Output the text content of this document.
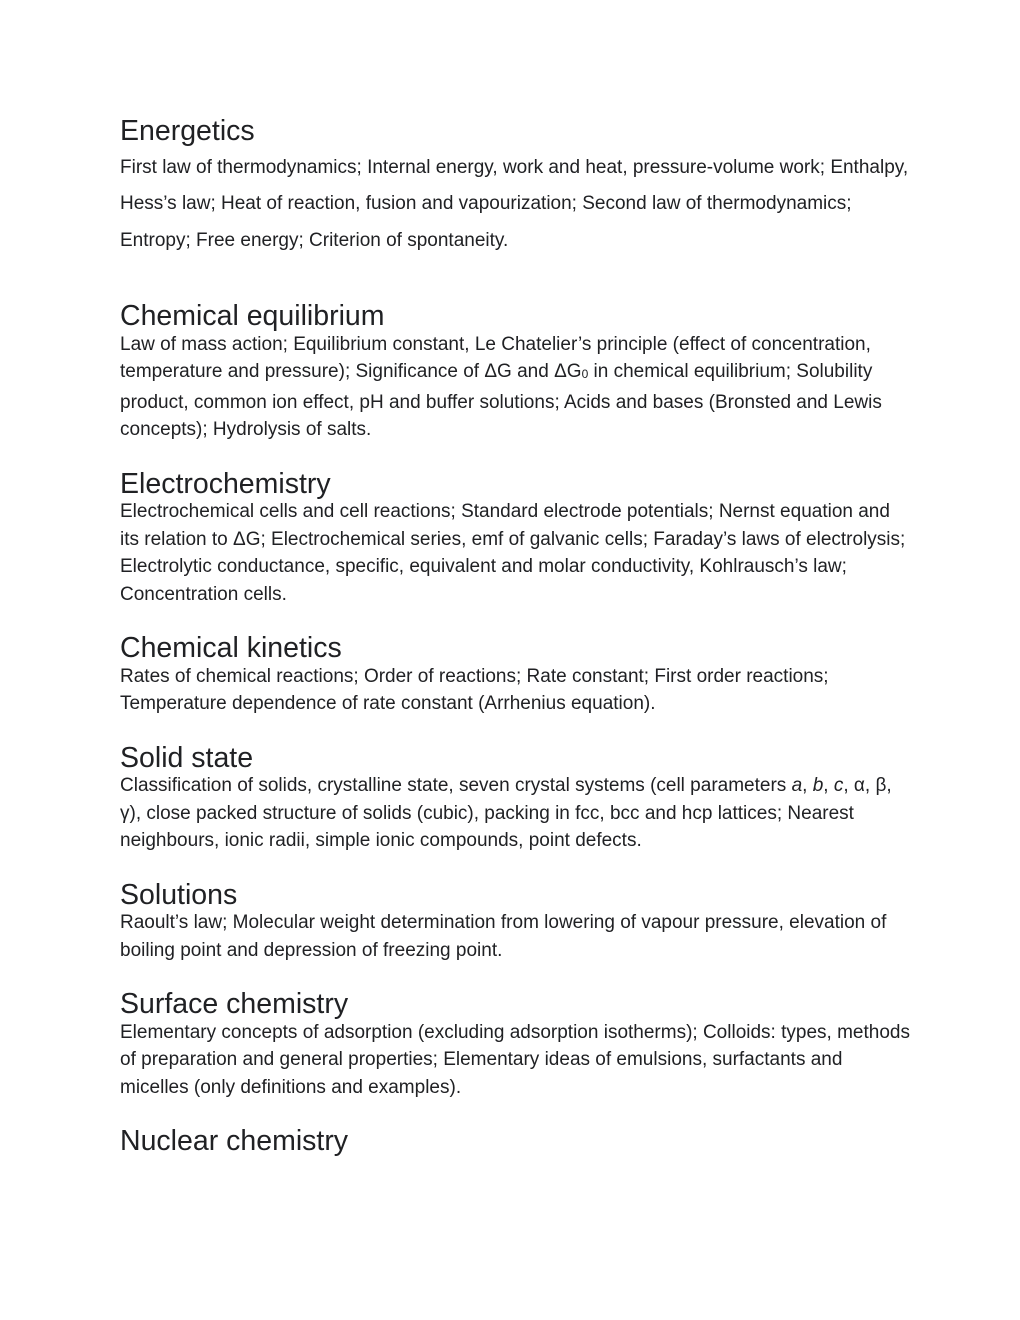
Energetics

First law of thermodynamics; Internal energy, work and heat, pressure-volume work; Enthalpy, Hess’s law; Heat of reaction, fusion and vapourization; Second law of thermodynamics; Entropy; Free energy; Criterion of spontaneity.

Chemical equilibrium

Law of mass action; Equilibrium constant, Le Chatelier’s principle (effect of concentration, temperature and pressure); Significance of ΔG and ΔG0 in chemical equilibrium; Solubility product, common ion effect, pH and buffer solutions; Acids and bases (Bronsted and Lewis concepts); Hydrolysis of salts.

Electrochemistry

Electrochemical cells and cell reactions; Standard electrode potentials; Nernst equation and its relation to ΔG; Electrochemical series, emf of galvanic cells; Faraday’s laws of electrolysis; Electrolytic conductance, specific, equivalent and molar conductivity, Kohlrausch’s law; Concentration cells.

Chemical kinetics

Rates of chemical reactions; Order of reactions; Rate constant; First order reactions; Temperature dependence of rate constant (Arrhenius equation).

Solid state

Classification of solids, crystalline state, seven crystal systems (cell parameters a, b, c, α, β, γ), close packed structure of solids (cubic), packing in fcc, bcc and hcp lattices; Nearest neighbours, ionic radii, simple ionic compounds, point defects.

Solutions

Raoult’s law; Molecular weight determination from lowering of vapour pressure, elevation of boiling point and depression of freezing point.

Surface chemistry

Elementary concepts of adsorption (excluding adsorption isotherms); Colloids: types, methods of preparation and general properties; Elementary ideas of emulsions, surfactants and micelles (only definitions and examples).

Nuclear chemistry
